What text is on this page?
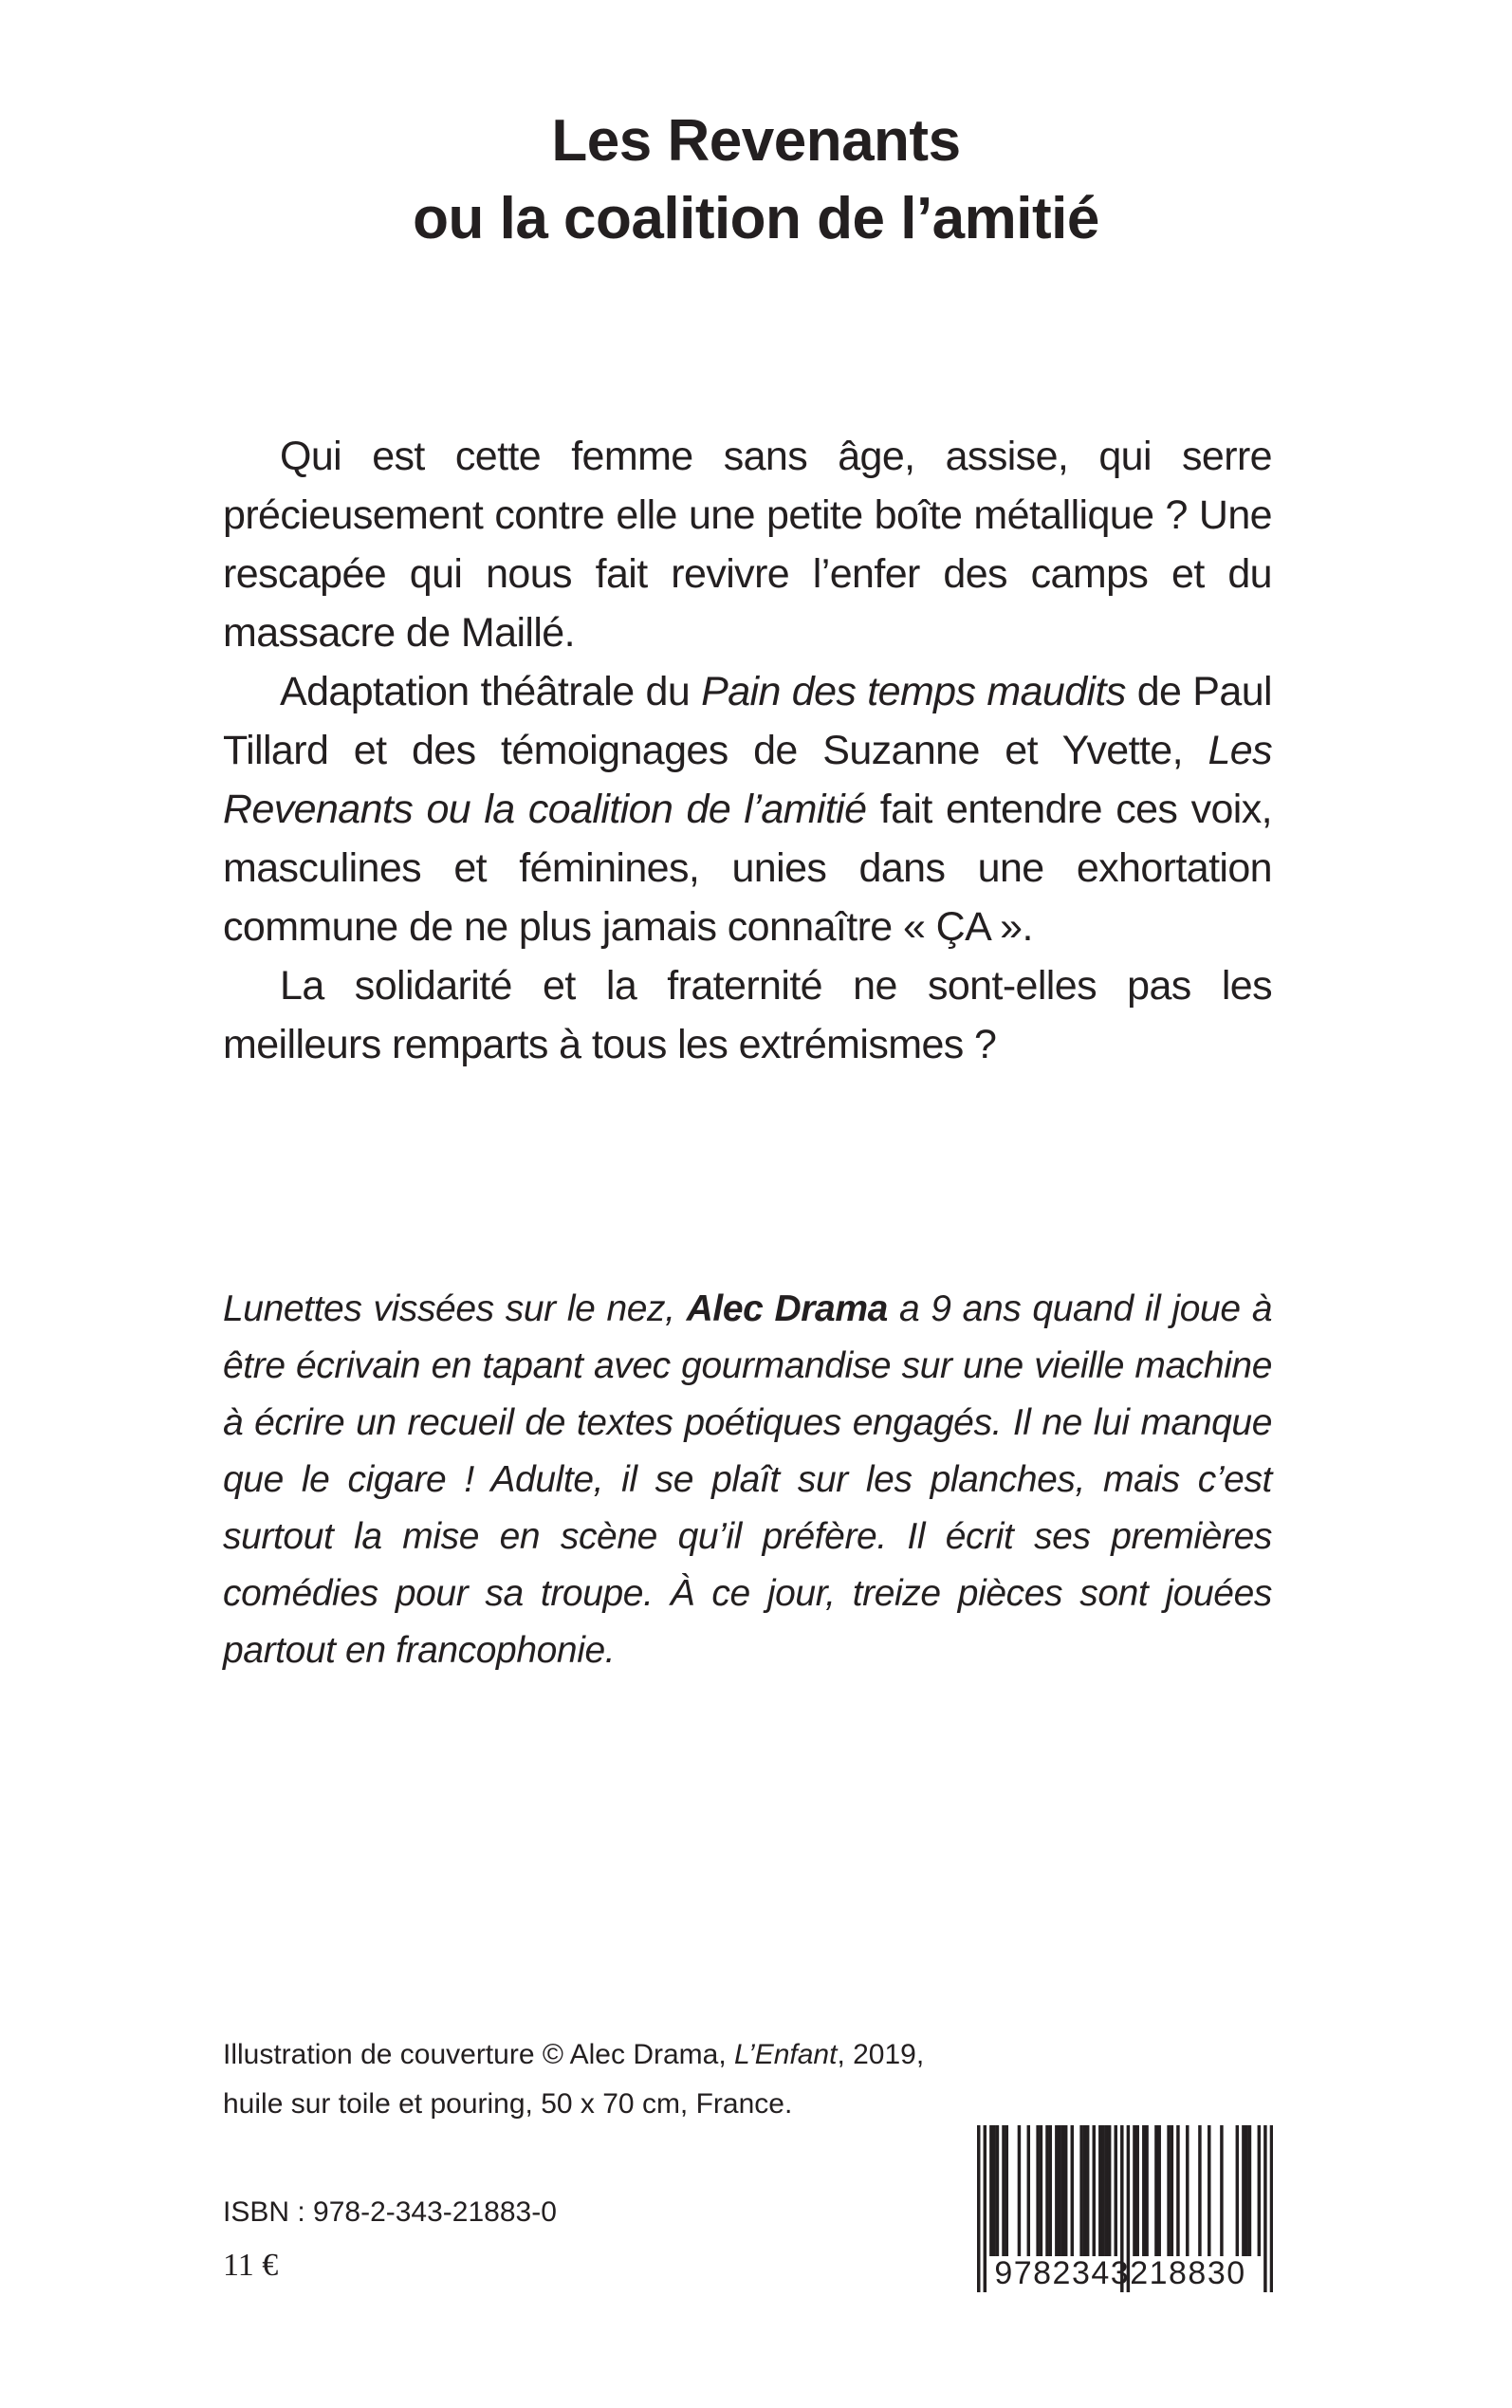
Les Revenants
ou la coalition de l’amitié

Qui est cette femme sans âge, assise, qui serre précieusement contre elle une petite boîte métallique ? Une rescapée qui nous fait revivre l’enfer des camps et du massacre de Maillé.

Adaptation théâtrale du Pain des temps maudits de Paul Tillard et des témoignages de Suzanne et Yvette, Les Revenants ou la coalition de l’amitié fait entendre ces voix, masculines et féminines, unies dans une exhortation commune de ne plus jamais connaître « ÇA ».

La solidarité et la fraternité ne sont-elles pas les meilleurs remparts à tous les extrémismes ?

Lunettes vissées sur le nez, Alec Drama a 9 ans quand il joue à être écrivain en tapant avec gourmandise sur une vieille machine à écrire un recueil de textes poétiques engagés. Il ne lui manque que le cigare ! Adulte, il se plaît sur les planches, mais c’est surtout la mise en scène qu’il préfère. Il écrit ses premières comédies pour sa troupe. À ce jour, treize pièces sont jouées partout en francophonie.
Illustration de couverture © Alec Drama, L’Enfant, 2019,
huile sur toile et pouring, 50 x 70 cm, France.
ISBN : 978-2-343-21883-0
11 €	9782343218830
